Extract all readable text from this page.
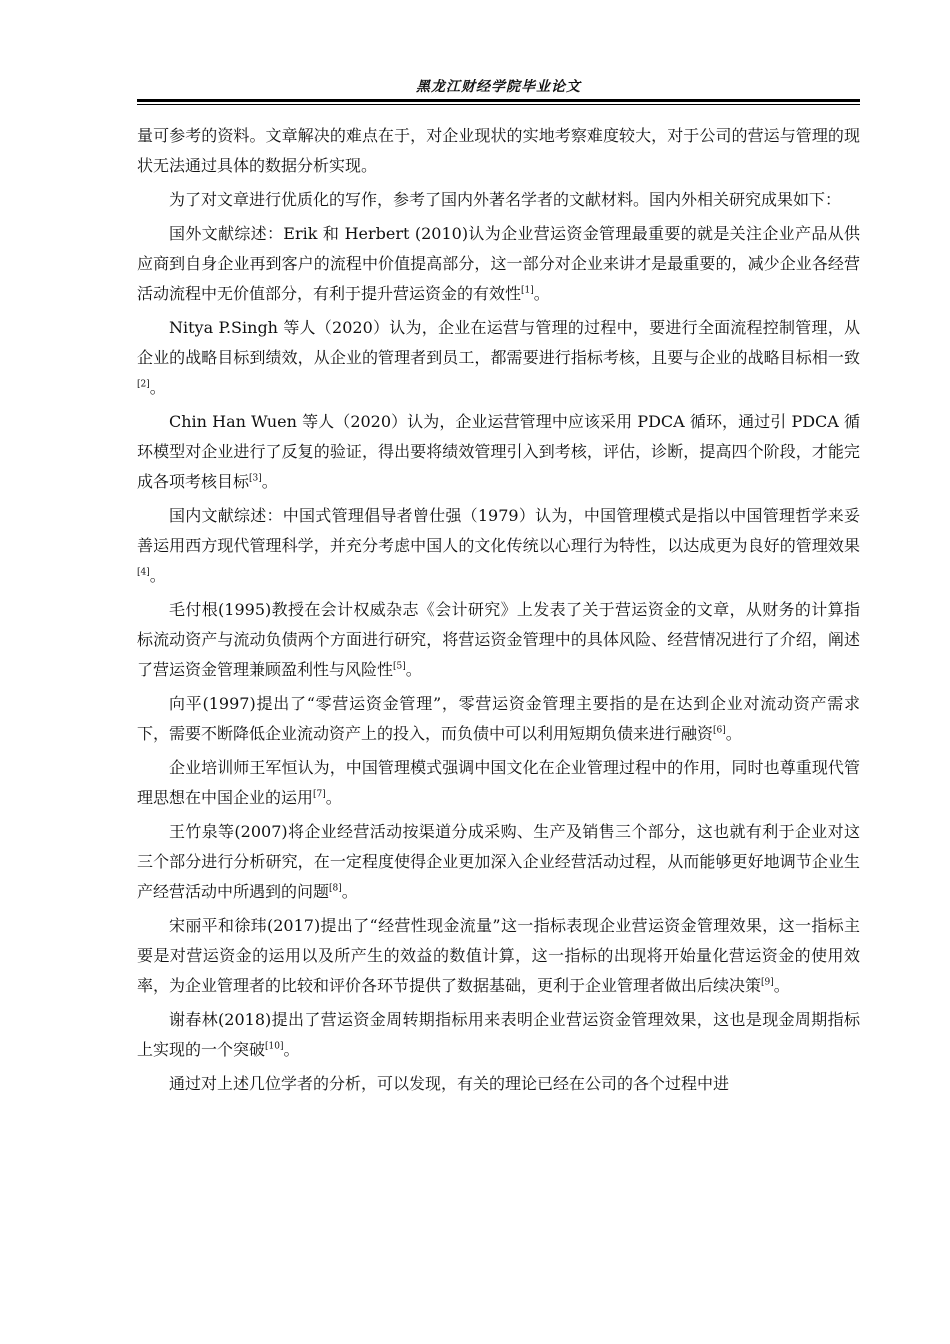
黑龙江财经学院毕业论文

量可参考的资料。文章解决的难点在于，对企业现状的实地考察难度较大，对于公司的营运与管理的现状无法通过具体的数据分析实现。

为了对文章进行优质化的写作，参考了国内外著名学者的文献材料。国内外相关研究成果如下：

国外文献综述：Erik 和 Herbert (2010)认为企业营运资金管理最重要的就是关注企业产品从供应商到自身企业再到客户的流程中价值提高部分，这一部分对企业来讲才是最重要的，减少企业各经营活动流程中无价值部分，有利于提升营运资金的有效性[1]。

Nitya P.Singh 等人（2020）认为，企业在运营与管理的过程中，要进行全面流程控制管理，从企业的战略目标到绩效，从企业的管理者到员工，都需要进行指标考核，且要与企业的战略目标相一致[2]。

Chin Han Wuen 等人（2020）认为，企业运营管理中应该采用 PDCA 循环，通过引 PDCA 循环模型对企业进行了反复的验证，得出要将绩效管理引入到考核，评估，诊断，提高四个阶段，才能完成各项考核目标[3]。

国内文献综述：中国式管理倡导者曾仕强（1979）认为，中国管理模式是指以中国管理哲学来妥善运用西方现代管理科学，并充分考虑中国人的文化传统以心理行为特性，以达成更为良好的管理效果[4]。

毛付根(1995)教授在会计权威杂志《会计研究》上发表了关于营运资金的文章，从财务的计算指标流动资产与流动负债两个方面进行研究，将营运资金管理中的具体风险、经营情况进行了介绍，阐述了营运资金管理兼顾盈利性与风险性[5]。

向平(1997)提出了“零营运资金管理”，零营运资金管理主要指的是在达到企业对流动资产需求下，需要不断降低企业流动资产上的投入，而负债中可以利用短期负债来进行融资[6]。

企业培训师王军恒认为，中国管理模式强调中国文化在企业管理过程中的作用，同时也尊重现代管理思想在中国企业的运用[7]。

王竹泉等(2007)将企业经营活动按渠道分成采购、生产及销售三个部分，这也就有利于企业对这三个部分进行分析研究，在一定程度使得企业更加深入企业经营活动过程，从而能够更好地调节企业生产经营活动中所遇到的问题[8]。

宋丽平和徐玮(2017)提出了“经营性现金流量”这一指标表现企业营运资金管理效果，这一指标主要是对营运资金的运用以及所产生的效益的数值计算，这一指标的出现将开始量化营运资金的使用效率，为企业管理者的比较和评价各环节提供了数据基础，更利于企业管理者做出后续决策[9]。

谢春林(2018)提出了营运资金周转期指标用来表明企业营运资金管理效果，这也是现金周期指标上实现的一个突破[10]。

通过对上述几位学者的分析，可以发现，有关的理论已经在公司的各个过程中进
